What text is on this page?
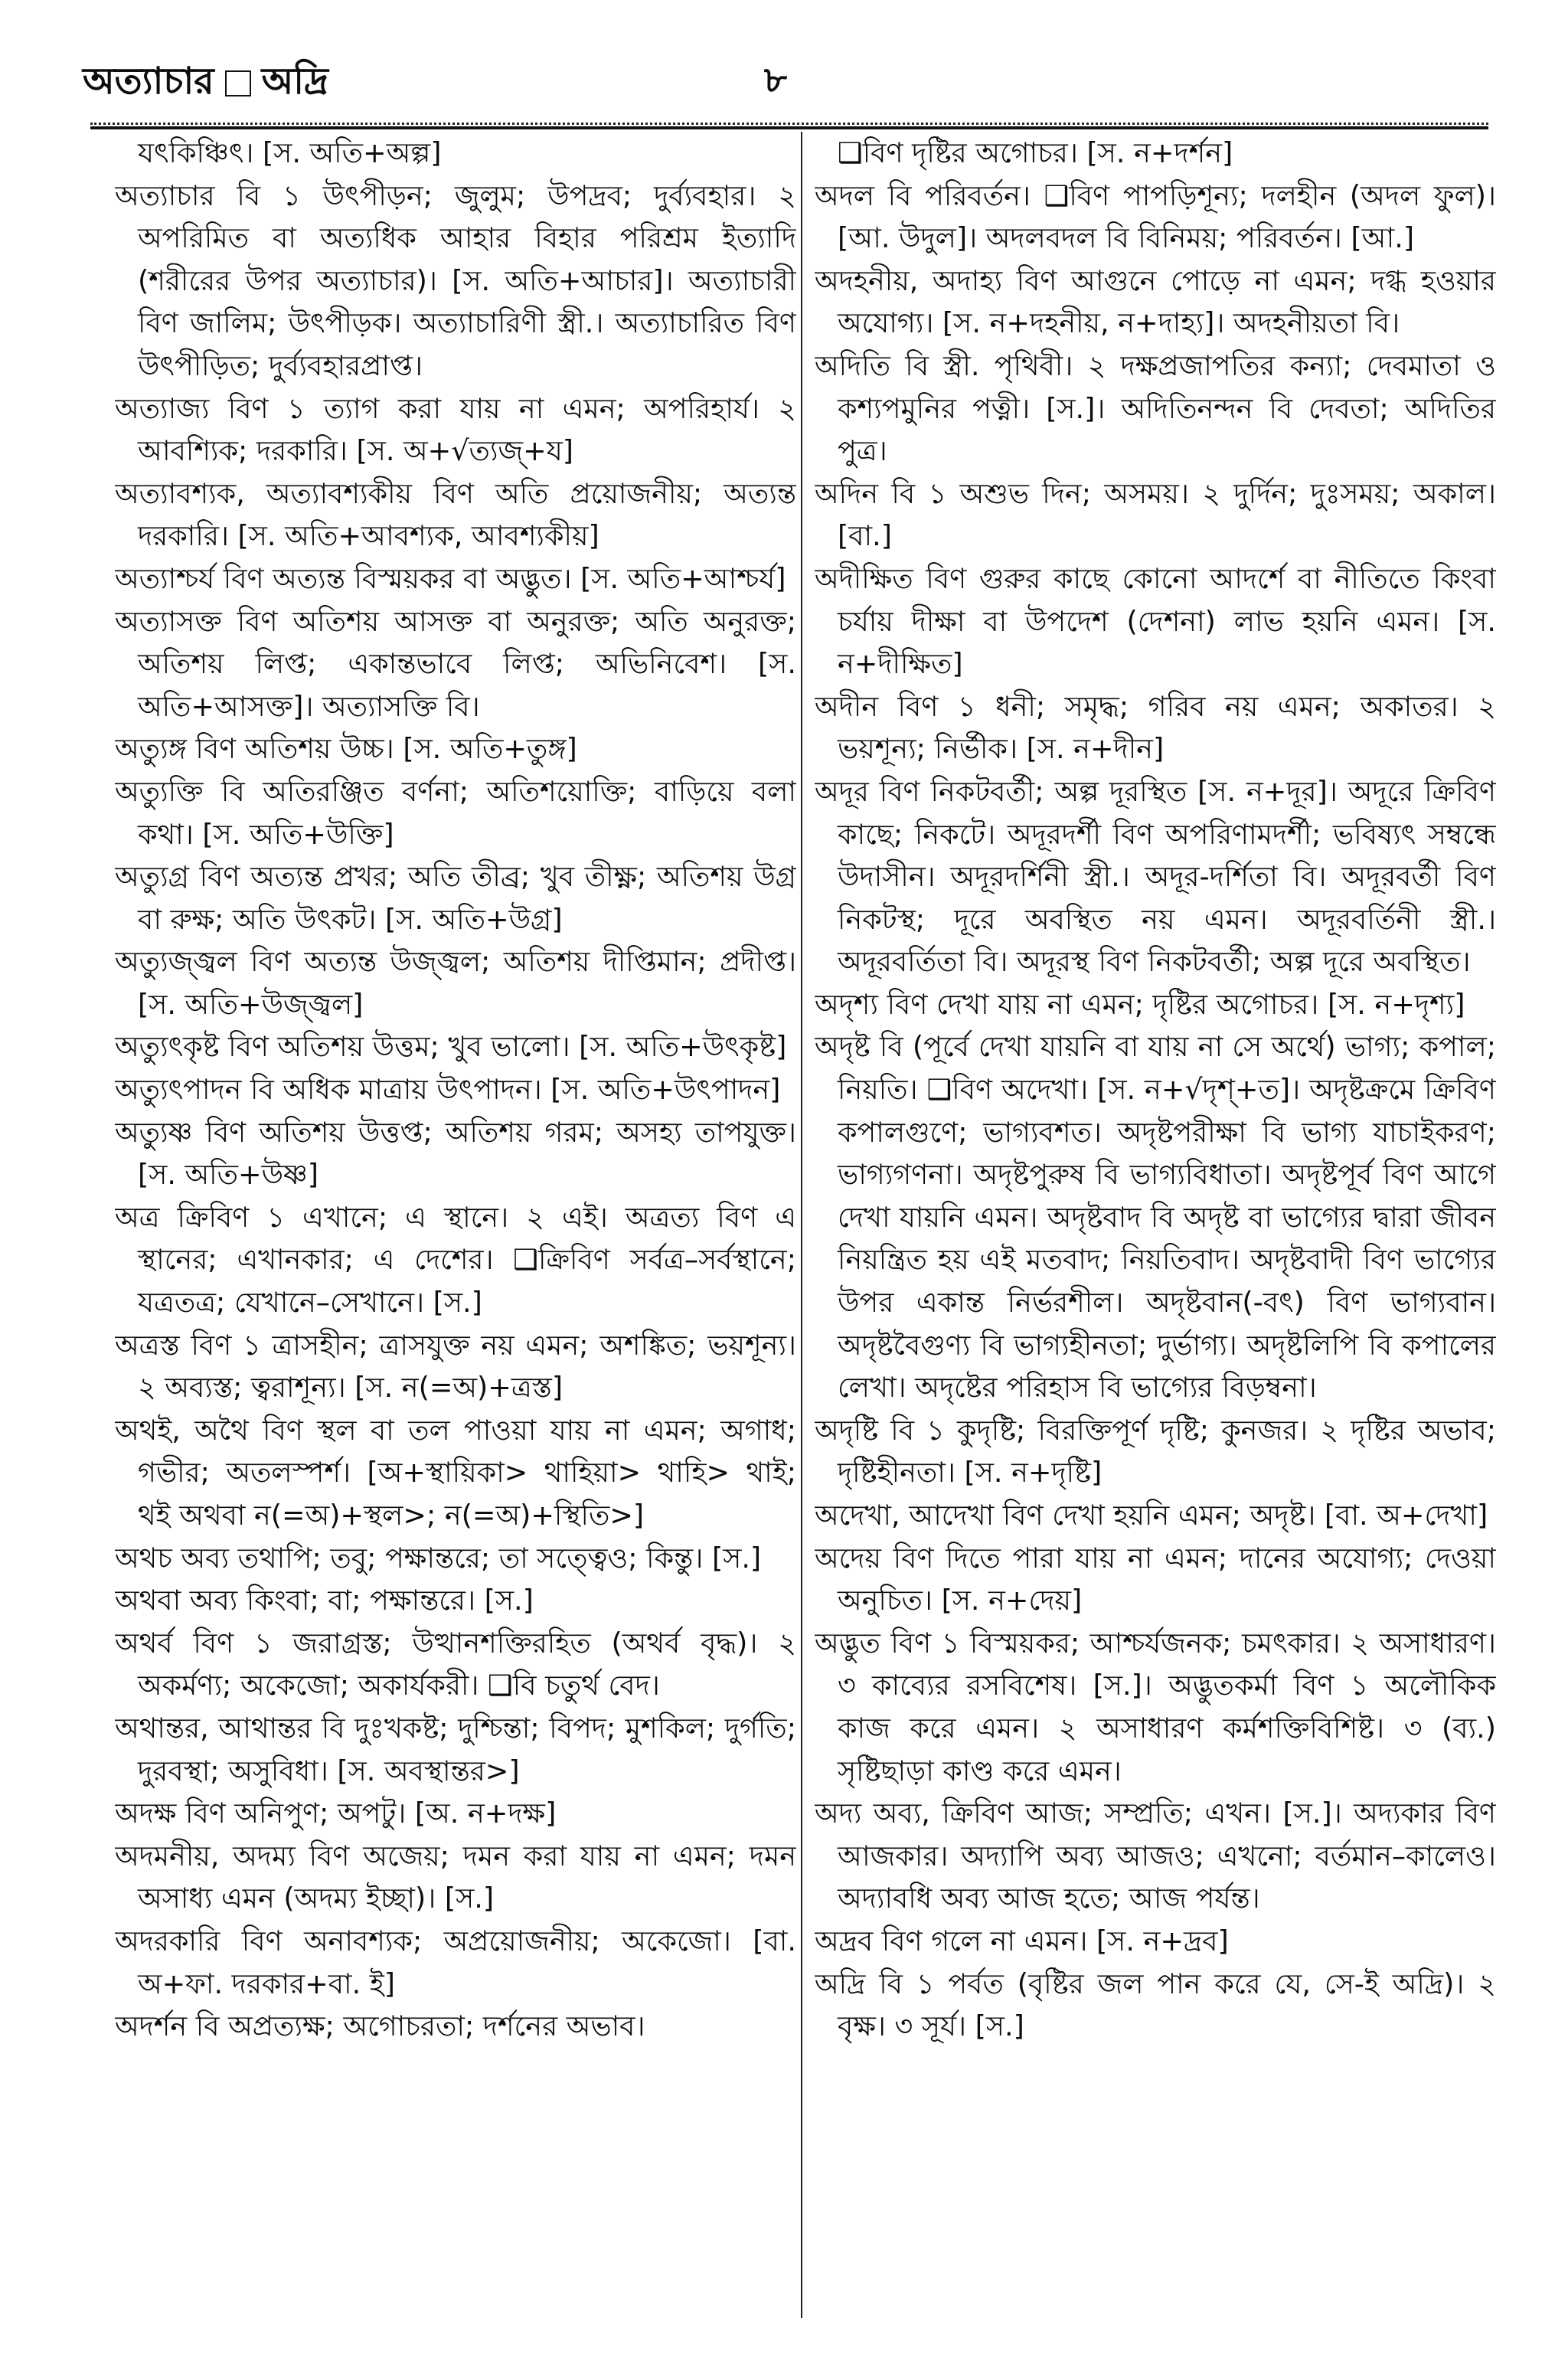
অত্যাচার অদ্রি	৮

যৎকিঞ্চিৎ। [স. অতি+অল্প]

অত্যাচার বি ১ উৎপীড়ন; জুলুম; উপদ্রব; দুর্ব্যবহার। ২ অপরিমিত বা অত্যধিক আহার বিহার পরিশ্রম ইত্যাদি (শরীরের উপর অত্যাচার)। [স. অতি+আচার]। অত্যাচারী বিণ জালিম; উৎপীড়ক। অত্যাচারিণী স্ত্রী.। অত্যাচারিত বিণ উৎপীড়িত; দুর্ব্যবহারপ্রাপ্ত।

অত্যাজ্য বিণ ১ ত্যাগ করা যায় না এমন; অপরিহার্য। ২ আবশ্যিক; দরকারি। [স. অ+√ত্যজ্+য]

অত্যাবশ্যক, অত্যাবশ্যকীয় বিণ অতি প্রয়োজনীয়; অত্যন্ত দরকারি। [স. অতি+আবশ্যক, আবশ্যকীয়]

অত্যাশ্চর্য বিণ অত্যন্ত বিস্ময়কর বা অদ্ভুত। [স. অতি+আশ্চর্য]

অত্যাসক্ত বিণ অতিশয় আসক্ত বা অনুরক্ত; অতি অনুরক্ত; অতিশয় লিপ্ত; একান্তভাবে লিপ্ত; অভিনিবেশ। [স. অতি+আসক্ত]। অত্যাসক্তি বি।

অত্যুঙ্গ বিণ অতিশয় উচ্চ। [স. অতি+তুঙ্গ]

অত্যুক্তি বি অতিরঞ্জিত বর্ণনা; অতিশয়োক্তি; বাড়িয়ে বলা কথা। [স. অতি+উক্তি]

অত্যুগ্র বিণ অত্যন্ত প্রখর; অতি তীব্র; খুব তীক্ষ্ণ; অতিশয় উগ্র বা রুক্ষ; অতি উৎকট। [স. অতি+উগ্র]

অত্যুজ্জ্বল বিণ অত্যন্ত উজ্জ্বল; অতিশয় দীপ্তিমান; প্রদীপ্ত। [স. অতি+উজ্জ্বল]

অত্যুৎকৃষ্ট বিণ অতিশয় উত্তম; খুব ভালো। [স. অতি+উৎকৃষ্ট]

অত্যুৎপাদন বি অধিক মাত্রায় উৎপাদন। [স. অতি+উৎপাদন]

অত্যুষ্ণ বিণ অতিশয় উত্তপ্ত; অতিশয় গরম; অসহ্য তাপযুক্ত। [স. অতি+উষ্ণ]

অত্র ক্রিবিণ ১ এখানে; এ স্থানে। ২ এই। অত্রত্য বিণ এ স্থানের; এখানকার; এ দেশের। ❑ক্রিবিণ সর্বত্র–সর্বস্থানে; যত্রতত্র; যেখানে–সেখানে। [স.]

অত্রস্ত বিণ ১ ত্রাসহীন; ত্রাসযুক্ত নয় এমন; অশঙ্কিত; ভয়শূন্য। ২ অব্যস্ত; ত্বরাশূন্য। [স. ন(=অ)+ত্রস্ত]

অথই, অথৈ বিণ স্থল বা তল পাওয়া যায় না এমন; অগাধ; গভীর; অতলস্পর্শ। [অ+স্থায়িকা> থাহিয়া> থাহি> থাই; থই অথবা ন(=অ)+স্থল>; ন(=অ)+স্থিতি>]

অথচ অব্য তথাপি; তবু; পক্ষান্তরে; তা সত্ত্বেও; কিন্তু। [স.]

অথবা অব্য কিংবা; বা; পক্ষান্তরে। [স.]

অথর্ব বিণ ১ জরাগ্রস্ত; উত্থানশক্তিরহিত (অথর্ব বৃদ্ধ)। ২ অকর্মণ্য; অকেজো; অকার্যকরী। ❑বি চতুর্থ বেদ।

অথান্তর, আথান্তর বি দুঃখকষ্ট; দুশ্চিন্তা; বিপদ; মুশকিল; দুর্গতি; দুরবস্থা; অসুবিধা। [স. অবস্থান্তর>]

অদক্ষ বিণ অনিপুণ; অপটু। [অ. ন+দক্ষ]

অদমনীয়, অদম্য বিণ অজেয়; দমন করা যায় না এমন; দমন অসাধ্য এমন (অদম্য ইচ্ছা)। [স.]

অদরকারি বিণ অনাবশ্যক; অপ্রয়োজনীয়; অকেজো। [বা. অ+ফা. দরকার+বা. ই]

অদর্শন বি অপ্রত্যক্ষ; অগোচরতা; দর্শনের অভাব।

❑বিণ দৃষ্টির অগোচর। [স. ন+দর্শন]

অদল বি পরিবর্তন। ❑বিণ পাপড়িশূন্য; দলহীন (অদল ফুল)। [আ. উদুল]। অদলবদল বি বিনিময়; পরিবর্তন। [আ.]

অদহনীয়, অদাহ্য বিণ আগুনে পোড়ে না এমন; দগ্ধ হওয়ার অযোগ্য। [স. ন+দহনীয়, ন+দাহ্য]। অদহনীয়তা বি।

অদিতি বি স্ত্রী. পৃথিবী। ২ দক্ষপ্রজাপতির কন্যা; দেবমাতা ও কশ্যপমুনির পত্নী। [স.]। অদিতিনন্দন বি দেবতা; অদিতির পুত্র।

অদিন বি ১ অশুভ দিন; অসময়। ২ দুর্দিন; দুঃসময়; অকাল। [বা.]

অদীক্ষিত বিণ গুরুর কাছে কোনো আদর্শে বা নীতিতে কিংবা চর্যায় দীক্ষা বা উপদেশ (দেশনা) লাভ হয়নি এমন। [স. ন+দীক্ষিত]

অদীন বিণ ১ ধনী; সমৃদ্ধ; গরিব নয় এমন; অকাতর। ২ ভয়শূন্য; নির্ভীক। [স. ন+দীন]

অদূর বিণ নিকটবর্তী; অল্প দূরস্থিত [স. ন+দূর]। অদূরে ক্রিবিণ কাছে; নিকটে। অদূরদর্শী বিণ অপরিণামদর্শী; ভবিষ্যৎ সম্বন্ধে উদাসীন। অদূরদর্শিনী স্ত্রী.। অদূর-দর্শিতা বি। অদূরবর্তী বিণ নিকটস্থ; দূরে অবস্থিত নয় এমন। অদূরবর্তিনী স্ত্রী.। অদূরবর্তিতা বি। অদূরস্থ বিণ নিকটবর্তী; অল্প দূরে অবস্থিত।

অদৃশ্য বিণ দেখা যায় না এমন; দৃষ্টির অগোচর। [স. ন+দৃশ্য]

অদৃষ্ট বি (পূর্বে দেখা যায়নি বা যায় না সে অর্থে) ভাগ্য; কপাল; নিয়তি। ❑বিণ অদেখা। [স. ন+√দৃশ্+ত]। অদৃষ্টক্রমে ক্রিবিণ কপালগুণে; ভাগ্যবশত। অদৃষ্টপরীক্ষা বি ভাগ্য যাচাইকরণ; ভাগ্যগণনা। অদৃষ্টপুরুষ বি ভাগ্যবিধাতা। অদৃষ্টপূর্ব বিণ আগে দেখা যায়নি এমন। অদৃষ্টবাদ বি অদৃষ্ট বা ভাগ্যের দ্বারা জীবন নিয়ন্ত্রিত হয় এই মতবাদ; নিয়তিবাদ। অদৃষ্টবাদী বিণ ভাগ্যের উপর একান্ত নির্ভরশীল। অদৃষ্টবান(-বৎ) বিণ ভাগ্যবান। অদৃষ্টবৈগুণ্য বি ভাগ্যহীনতা; দুর্ভাগ্য। অদৃষ্টলিপি বি কপালের লেখা। অদৃষ্টের পরিহাস বি ভাগ্যের বিড়ম্বনা।

অদৃষ্টি বি ১ কুদৃষ্টি; বিরক্তিপূর্ণ দৃষ্টি; কুনজর। ২ দৃষ্টির অভাব; দৃষ্টিহীনতা। [স. ন+দৃষ্টি]

অদেখা, আদেখা বিণ দেখা হয়নি এমন; অদৃষ্ট। [বা. অ+দেখা]

অদেয় বিণ দিতে পারা যায় না এমন; দানের অযোগ্য; দেওয়া অনুচিত। [স. ন+দেয়]

অদ্ভুত বিণ ১ বিস্ময়কর; আশ্চর্যজনক; চমৎকার। ২ অসাধারণ। ৩ কাব্যের রসবিশেষ। [স.]। অদ্ভুতকর্মা বিণ ১ অলৌকিক কাজ করে এমন। ২ অসাধারণ কর্মশক্তিবিশিষ্ট। ৩ (ব্য.) সৃষ্টিছাড়া কাণ্ড করে এমন।

অদ্য অব্য, ক্রিবিণ আজ; সম্প্রতি; এখন। [স.]। অদ্যকার বিণ আজকার। অদ্যাপি অব্য আজও; এখনো; বর্তমান–কালেও। অদ্যাবধি অব্য আজ হতে; আজ পর্যন্ত।

অদ্রব বিণ গলে না এমন। [স. ন+দ্রব]

অদ্রি বি ১ পর্বত (বৃষ্টির জল পান করে যে, সে-ই অদ্রি)। ২ বৃক্ষ। ৩ সূর্য। [স.]
